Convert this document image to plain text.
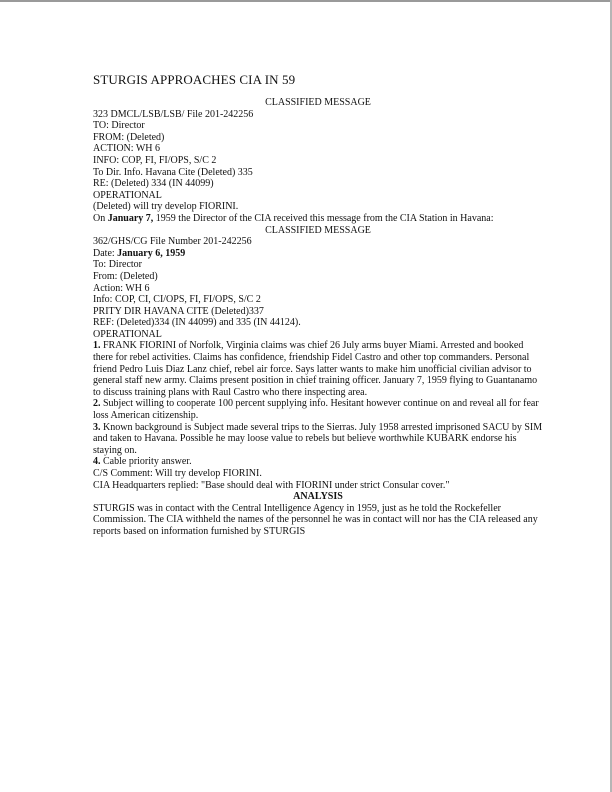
STURGIS APPROACHES CIA IN 59
CLASSIFIED MESSAGE
323 DMCL/LSB/LSB/ File 201-242256
TO: Director
FROM: (Deleted)
ACTION: WH 6
INFO: COP, FI, FI/OPS, S/C 2
To Dir. Info. Havana Cite (Deleted) 335
RE: (Deleted) 334 (IN 44099)
OPERATIONAL
(Deleted) will try develop FIORINI.
On January 7, 1959 the Director of the CIA received this message from the CIA Station in Havana:
CLASSIFIED MESSAGE
362/GHS/CG File Number 201-242256
Date: January 6, 1959
To: Director
From: (Deleted)
Action: WH 6
Info: COP, CI, CI/OPS, FI, FI/OPS, S/C 2
PRITY DIR HAVANA CITE (Deleted)337
REF: (Deleted)334 (IN 44099) and 335 (IN 44124).
OPERATIONAL
1. FRANK FIORINI of Norfolk, Virginia claims was chief 26 July arms buyer Miami. Arrested and booked there for rebel activities. Claims has confidence, friendship Fidel Castro and other top commanders. Personal friend Pedro Luis Diaz Lanz chief, rebel air force. Says latter wants to make him unofficial civilian advisor to general staff new army. Claims present position in chief training officer. January 7, 1959 flying to Guantanamo to discuss training plans with Raul Castro who there inspecting area.
2. Subject willing to cooperate 100 percent supplying info. Hesitant however continue on and reveal all for fear loss American citizenship.
3. Known background is Subject made several trips to the Sierras. July 1958 arrested imprisoned SACU by SIM and taken to Havana. Possible he may loose value to rebels but believe worthwhile KUBARK endorse his staying on.
4. Cable priority answer.
C/S Comment: Will try develop FIORINI.
CIA Headquarters replied: "Base should deal with FIORINI under strict Consular cover."
ANALYSIS
STURGIS was in contact with the Central Intelligence Agency in 1959, just as he told the Rockefeller Commission. The CIA withheld the names of the personnel he was in contact will nor has the CIA released any reports based on information furnished by STURGIS
